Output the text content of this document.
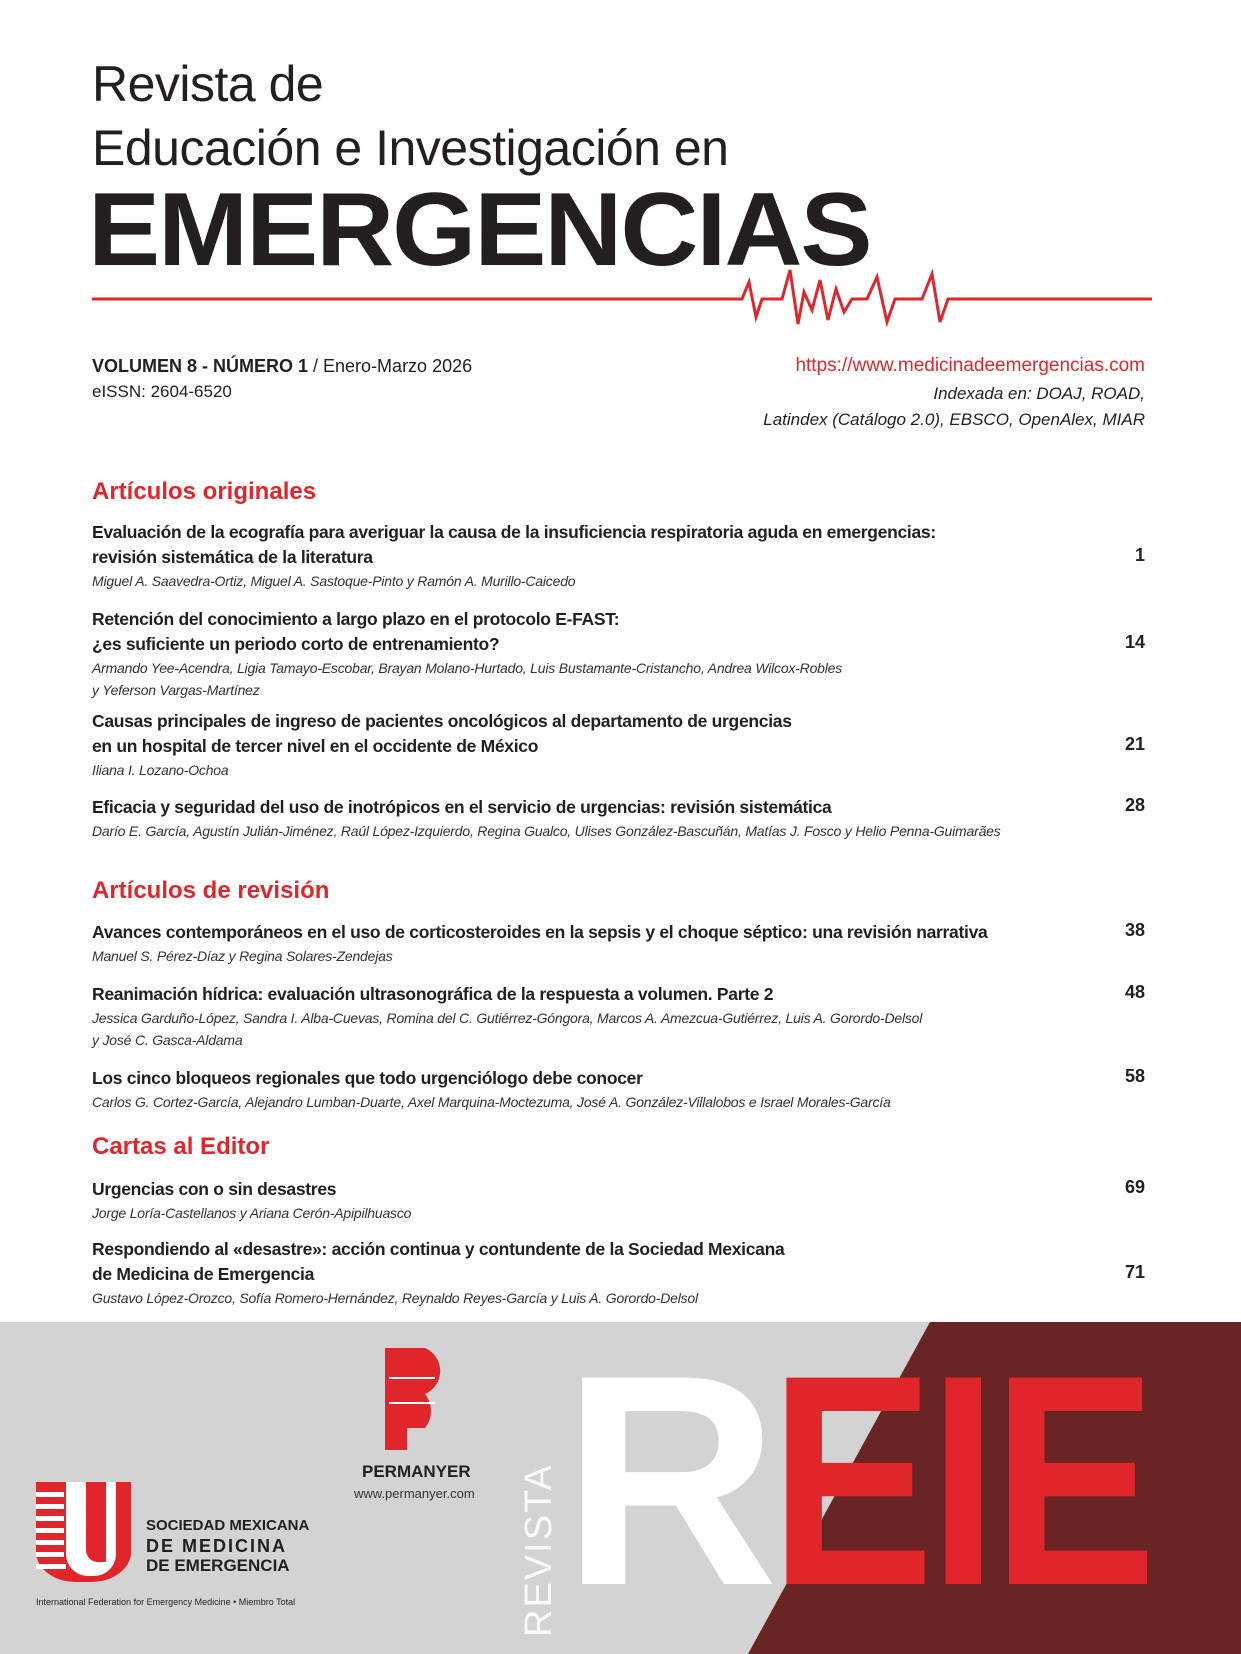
Revista de
Educación e Investigación en
EMERGENCIAS
VOLUMEN 8 - NÚMERO 1 / Enero-Marzo 2026
eISSN: 2604-6520
https://www.medicinadeemergencias.com
Indexada en: DOAJ, ROAD,
Latindex (Catálogo 2.0), EBSCO, OpenAlex, MIAR
Artículos originales
Evaluación de la ecografía para averiguar la causa de la insuficiencia respiratoria aguda en emergencias:
revisión sistemática de la literatura
Miguel A. Saavedra-Ortiz, Miguel A. Sastoque-Pinto y Ramón A. Murillo-Caicedo
1
Retención del conocimiento a largo plazo en el protocolo E-FAST:
¿es suficiente un periodo corto de entrenamiento?
Armando Yee-Acendra, Ligia Tamayo-Escobar, Brayan Molano-Hurtado, Luis Bustamante-Cristancho, Andrea Wilcox-Robles
y Yeferson Vargas-Martínez
14
Causas principales de ingreso de pacientes oncológicos al departamento de urgencias
en un hospital de tercer nivel en el occidente de México
Iliana I. Lozano-Ochoa
21
Eficacia y seguridad del uso de inotrópicos en el servicio de urgencias: revisión sistemática
Darío E. García, Agustín Julián-Jiménez, Raúl López-Izquierdo, Regina Gualco, Ulises González-Bascuñán, Matías J. Fosco y Helio Penna-Guimarães
28
Artículos de revisión
Avances contemporáneos en el uso de corticosteroides en la sepsis y el choque séptico: una revisión narrativa
Manuel S. Pérez-Díaz y Regina Solares-Zendejas
38
Reanimación hídrica: evaluación ultrasonográfica de la respuesta a volumen. Parte 2
Jessica Garduño-López, Sandra I. Alba-Cuevas, Romina del C. Gutiérrez-Góngora, Marcos A. Amezcua-Gutiérrez, Luis A. Gorordo-Delsol
y José C. Gasca-Aldama
48
Los cinco bloqueos regionales que todo urgenciólogo debe conocer
Carlos G. Cortez-García, Alejandro Lumban-Duarte, Axel Marquina-Moctezuma, José A. González-Villalobos e Israel Morales-García
58
Cartas al Editor
Urgencias con o sin desastres
Jorge Loría-Castellanos y Ariana Cerón-Apipilhuasco
69
Respondiendo al «desastre»: acción continua y contundente de la Sociedad Mexicana
de Medicina de Emergencia
Gustavo López-Orozco, Sofía Romero-Hernández, Reynaldo Reyes-García y Luis A. Gorordo-Delsol
71
SOCIEDAD MEXICANA
DE MEDICINA
DE EMERGENCIA
International Federation for Emergency Medicine • Miembro Total
PERMANYER
www.permanyer.com REVISTA R EIE
